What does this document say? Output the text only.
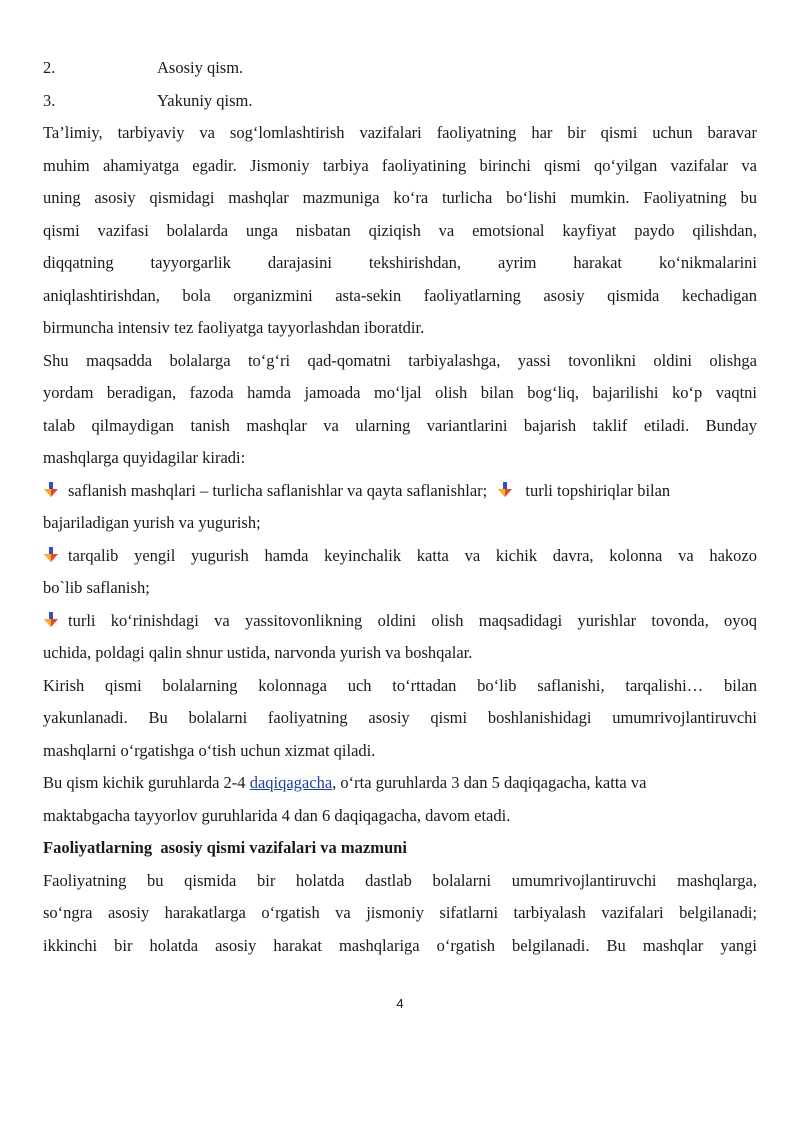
2.	Asosiy qism.
3.	Yakuniy qism.
Ta’limiy, tarbiyaviy va sog‘lomlashtirish vazifalari faoliyatning har bir qismi uchun baravar
muhim ahamiyatga egadir. Jismoniy tarbiya faoliyatining birinchi qismi qo‘yilgan vazifalar va
uning asosiy qismidagi mashqlar mazmuniga ko‘ra turlicha bo‘lishi mumkin. Faoliyatning bu
qismi vazifasi bolalarda unga nisbatan qiziqish va emotsional kayfiyat paydo qilishdan,
diqqatning tayyorgarlik darajasini tekshirishdan, ayrim harakat ko‘nikmalarini
aniqlashtirishdan, bola organizmini asta-sekin faoliyatlarning asosiy qismida kechadigan
birmuncha intensiv tez faoliyatga tayyorlashdan iboratdir.
Shu maqsadda bolalarga to‘g‘ri qad-qomatni tarbiyalashga, yassi tovonlikni oldini olishga
yordam beradigan, fazoda hamda jamoada mo‘ljal olish bilan bog‘liq, bajarilishi ko‘p vaqtni
talab qilmaydigan tanish mashqlar va ularning variantlarini bajarish taklif etiladi. Bunday
mashqlarga quyidagilar kiradi:
saflanish mashqlari – turlicha saflanishlar va qayta saflanishlar; turli topshiriqlar bilan
bajariladigan yurish va yugurish;
tarqalib yengil yugurish hamda keyinchalik katta va kichik davra, kolonna va hakozo
bo`lib saflanish;
turli ko‘rinishdagi va yassitovonlikning oldini olish maqsadidagi yurishlar tovonda, oyoq
uchida, poldagi qalin shnur ustida, narvonda yurish va boshqalar.
Kirish qismi bolalarning kolonnaga uch to‘rttadan bo‘lib saflanishi, tarqalishi… bilan
yakunlanadi. Bu bolalarni faoliyatning asosiy qismi boshlanishidagi umumrivojlantiruvchi
mashqlarni o‘rgatishga o‘tish uchun xizmat qiladi.
Bu qism kichik guruhlarda 2-4 daqiqagacha, o‘rta guruhlarda 3 dan 5 daqiqagacha, katta va
maktabgacha tayyorlov guruhlarida 4 dan 6 daqiqagacha, davom etadi.
Faoliyatlarning  asosiy qismi vazifalari va mazmuni
Faoliyatning bu qismida bir holatda dastlab bolalarni umumrivojlantiruvchi mashqlarga,
so‘ngra asosiy harakatlarga o‘rgatish va jismoniy sifatlarni tarbiyalash vazifalari belgilanadi;
ikkinchi bir holatda asosiy harakat mashqlariga o‘rgatish belgilanadi. Bu mashqlar yangi
4
